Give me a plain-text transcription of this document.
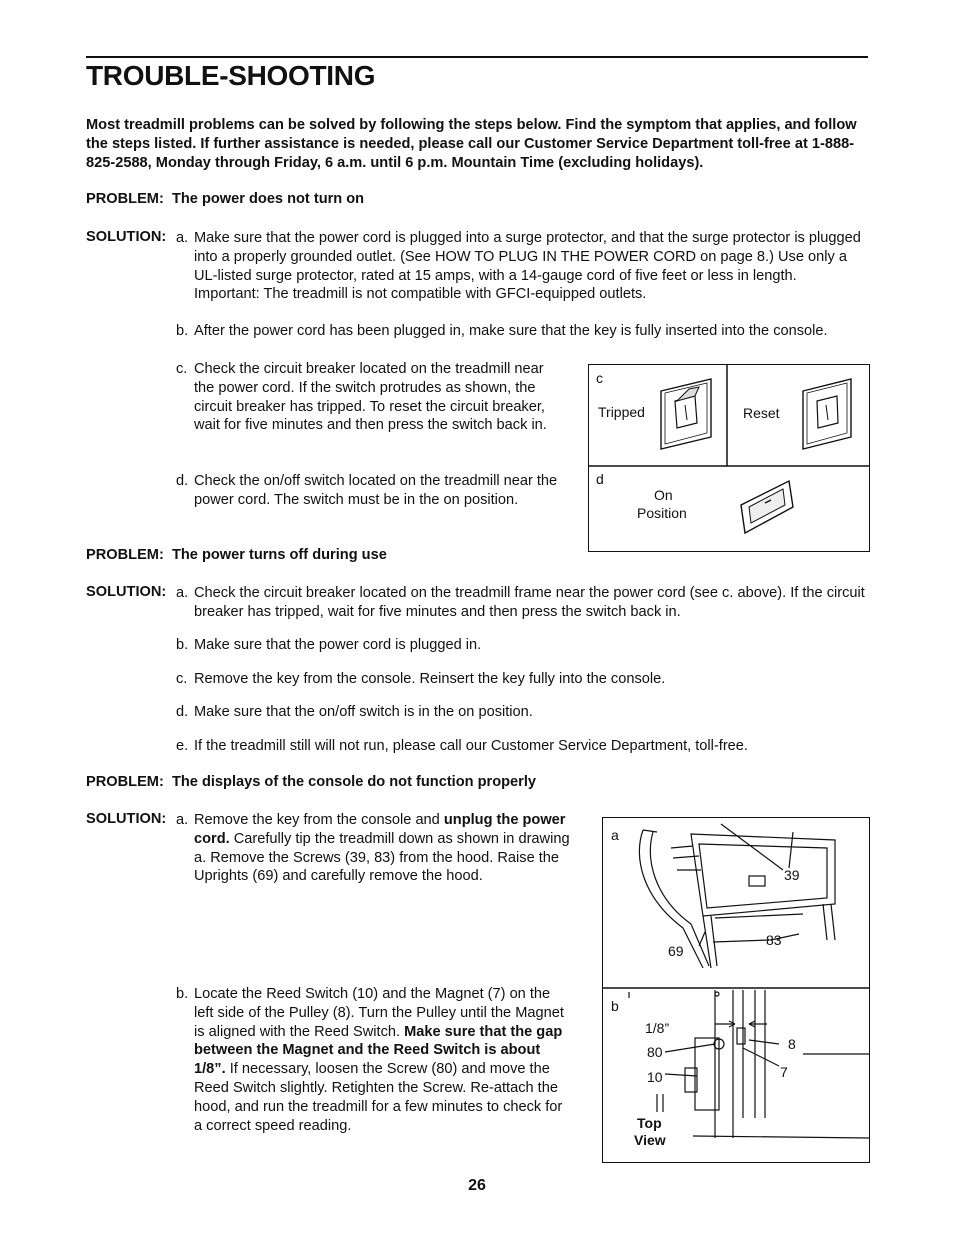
TROUBLE-SHOOTING
Most treadmill problems can be solved by following the steps below. Find the symptom that applies, and follow the steps listed. If further assistance is needed, please call our Customer Service Department toll-free at 1-888-825-2588, Monday through Friday, 6 a.m. until 6 p.m. Mountain Time (excluding holidays).
PROBLEM: The power does not turn on
SOLUTION: a. Make sure that the power cord is plugged into a surge protector, and that the surge protector is plugged into a properly grounded outlet. (See HOW TO PLUG IN THE POWER CORD on page 8.) Use only a UL-listed surge protector, rated at 15 amps, with a 14-gauge cord of five feet or less in length. Important: The treadmill is not compatible with GFCI-equipped outlets.
b. After the power cord has been plugged in, make sure that the key is fully inserted into the console.
c. Check the circuit breaker located on the treadmill near the power cord. If the switch protrudes as shown, the circuit breaker has tripped. To reset the circuit breaker, wait for five minutes and then press the switch back in.
d. Check the on/off switch located on the treadmill near the power cord. The switch must be in the on position.
c
Tripped	Reset
d
On
Position
PROBLEM: The power turns off during use
SOLUTION: a. Check the circuit breaker located on the treadmill frame near the power cord (see c. above). If the circuit breaker has tripped, wait for five minutes and then press the switch back in.
b. Make sure that the power cord is plugged in.
c. Remove the key from the console. Reinsert the key fully into the console.
d. Make sure that the on/off switch is in the on position.
e. If the treadmill still will not run, please call our Customer Service Department, toll-free.
PROBLEM: The displays of the console do not function properly
SOLUTION: a. Remove the key from the console and unplug the power cord. Carefully tip the treadmill down as shown in drawing a. Remove the Screws (39, 83) from the hood. Raise the Uprights (69) and carefully remove the hood.
b. Locate the Reed Switch (10) and the Magnet (7) on the left side of the Pulley (8). Turn the Pulley until the Magnet is aligned with the Reed Switch. Make sure that the gap between the Magnet and the Reed Switch is about 1/8”. If necessary, loosen the Screw (80) and move the Reed Switch slightly. Retighten the Screw. Re-attach the hood, and run the treadmill for a few minutes to check for a correct speed reading.
a
39
69
83
b
1/8”
80
10
8
7
Top
View
26
